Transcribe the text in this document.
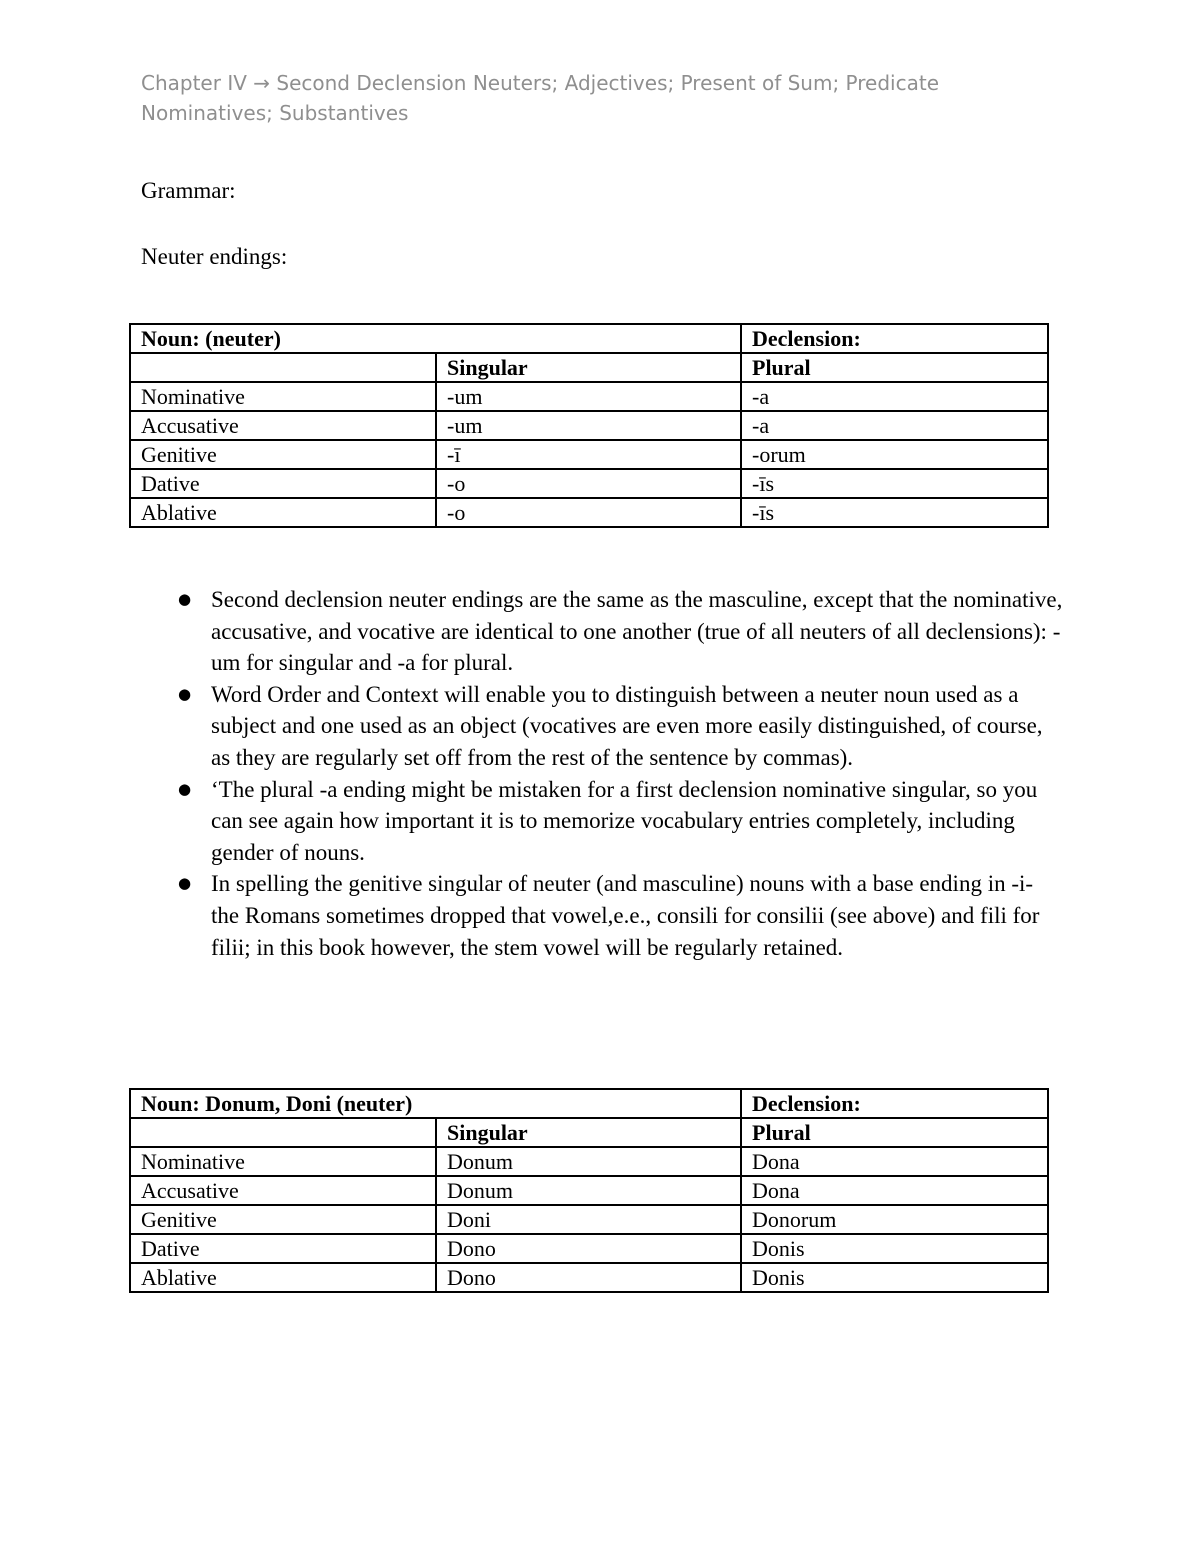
Chapter IV → Second Declension Neuters; Adjectives; Present of Sum; Predicate Nominatives; Substantives

Grammar:

Neuter endings:

Noun: (neuter)		Declension:
	Singular	Plural
Nominative	-um	-a
Accusative	-um	-a
Genitive	-ī	-orum
Dative	-o	-īs
Ablative	-o	-īs
● Second declension neuter endings are the same as the masculine, except that the nominative, accusative, and vocative are identical to one another (true of all neuters of all declensions): -um for singular and -a for plural.
● Word Order and Context will enable you to distinguish between a neuter noun used as a subject and one used as an object (vocatives are even more easily distinguished, of course, as they are regularly set off from the rest of the sentence by commas).
● ‘The plural -a ending might be mistaken for a first declension nominative singular, so you can see again how important it is to memorize vocabulary entries completely, including gender of nouns.
● In spelling the genitive singular of neuter (and masculine) nouns with a base ending in -i- the Romans sometimes dropped that vowel,e.e., consili for consilii (see above) and fili for filii; in this book however, the stem vowel will be regularly retained.
Noun: Donum, Doni (neuter)		Declension:
	Singular	Plural
Nominative	Donum	Dona
Accusative	Donum	Dona
Genitive	Doni	Donorum
Dative	Dono	Donis
Ablative	Dono	Donis
